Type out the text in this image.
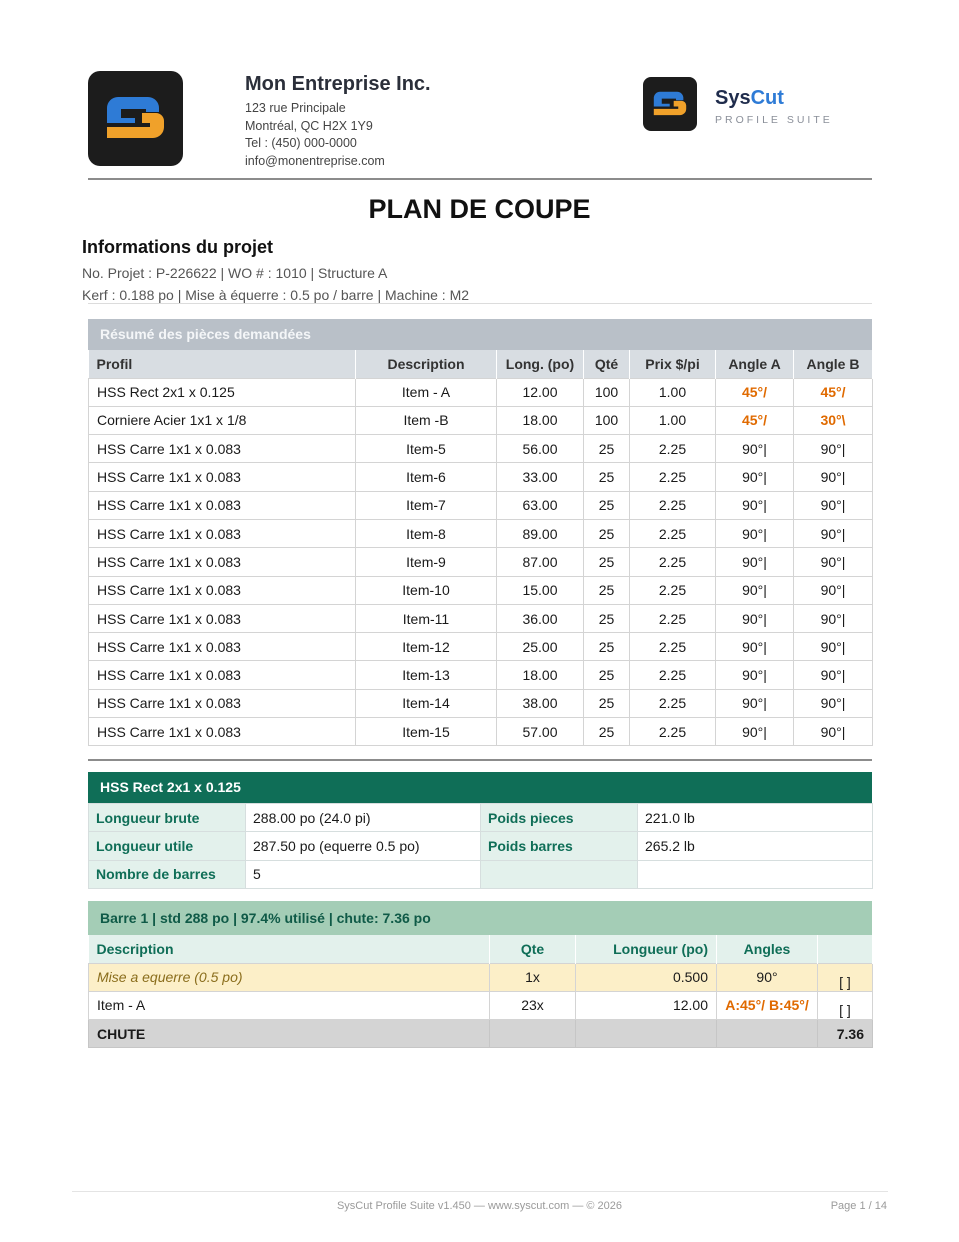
Mon Entreprise Inc.
123 rue Principale
Montréal, QC H2X 1Y9
Tel : (450) 000-0000
info@monentreprise.com
SysCut
PROFILE SUITE
PLAN DE COUPE
Informations du projet
No. Projet : P-226622 | WO # : 1010 | Structure A
Kerf : 0.188 po | Mise à équerre : 0.5 po / barre | Machine : M2
Résumé des pièces demandées
Profil	Description	Long. (po)	Qté	Prix $/pi	Angle A	Angle B
HSS Rect 2x1 x 0.125	Item - A	12.00	100	1.00	45°/	45°/
Corniere Acier 1x1 x 1/8	Item -B	18.00	100	1.00	45°/	30°\
HSS Carre 1x1 x 0.083	Item-5	56.00	25	2.25	90°|	90°|
HSS Carre 1x1 x 0.083	Item-6	33.00	25	2.25	90°|	90°|
HSS Carre 1x1 x 0.083	Item-7	63.00	25	2.25	90°|	90°|
HSS Carre 1x1 x 0.083	Item-8	89.00	25	2.25	90°|	90°|
HSS Carre 1x1 x 0.083	Item-9	87.00	25	2.25	90°|	90°|
HSS Carre 1x1 x 0.083	Item-10	15.00	25	2.25	90°|	90°|
HSS Carre 1x1 x 0.083	Item-11	36.00	25	2.25	90°|	90°|
HSS Carre 1x1 x 0.083	Item-12	25.00	25	2.25	90°|	90°|
HSS Carre 1x1 x 0.083	Item-13	18.00	25	2.25	90°|	90°|
HSS Carre 1x1 x 0.083	Item-14	38.00	25	2.25	90°|	90°|
HSS Carre 1x1 x 0.083	Item-15	57.00	25	2.25	90°|	90°|
HSS Rect 2x1 x 0.125
Longueur brute	288.00 po (24.0 pi)	Poids pieces	221.0 lb
Longueur utile	287.50 po (equerre 0.5 po)	Poids barres	265.2 lb
Nombre de barres	5		
Barre 1 | std 288 po | 97.4% utilisé | chute: 7.36 po
Description	Qte	Longueur (po)	Angles	
Mise a equerre (0.5 po)	1x	0.500	90°	[ ]
Item - A	23x	12.00	A:45°/ B:45°/	[ ]
CHUTE				7.36
SysCut Profile Suite v1.450 — www.syscut.com — © 2026	Page 1 / 14
